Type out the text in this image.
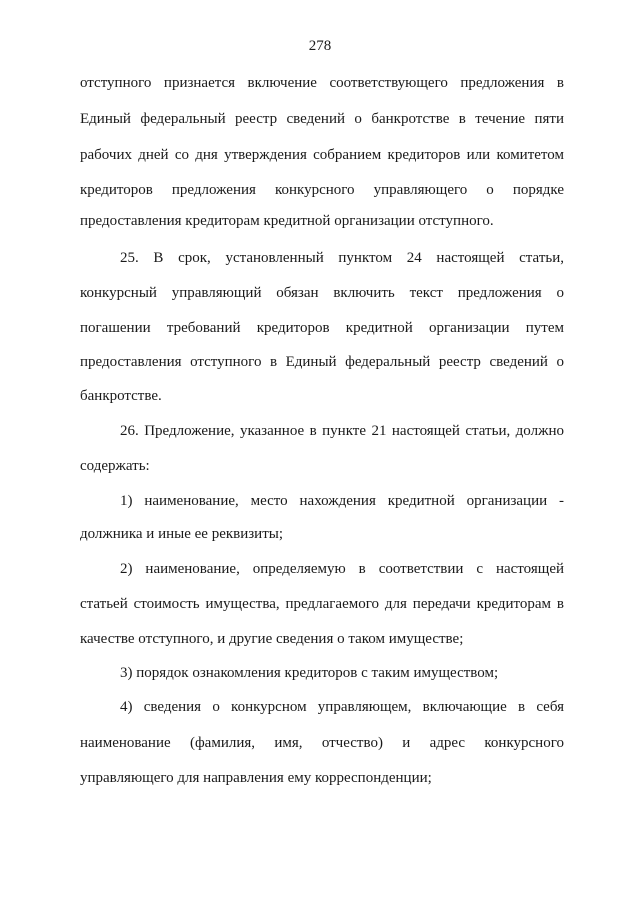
278
отступного признается включение соответствующего предложения в
Единый федеральный реестр сведений о банкротстве в течение пяти
рабочих дней со дня утверждения собранием кредиторов или комитетом
кредиторов предложения конкурсного управляющего о порядке
предоставления кредиторам кредитной организации отступного.
25. В срок, установленный пунктом 24 настоящей статьи,
конкурсный управляющий обязан включить текст предложения о
погашении требований кредиторов кредитной организации путем
предоставления отступного в Единый федеральный реестр сведений о
банкротстве.
26. Предложение, указанное в пункте 21 настоящей статьи, должно
содержать:
1) наименование, место нахождения кредитной организации -
должника и иные ее реквизиты;
2) наименование, определяемую в соответствии с настоящей
статьей стоимость имущества, предлагаемого для передачи кредиторам в
качестве отступного, и другие сведения о таком имуществе;
3) порядок ознакомления кредиторов с таким имуществом;
4) сведения о конкурсном управляющем, включающие в себя
наименование (фамилия, имя, отчество) и адрес конкурсного
управляющего для направления ему корреспонденции;
